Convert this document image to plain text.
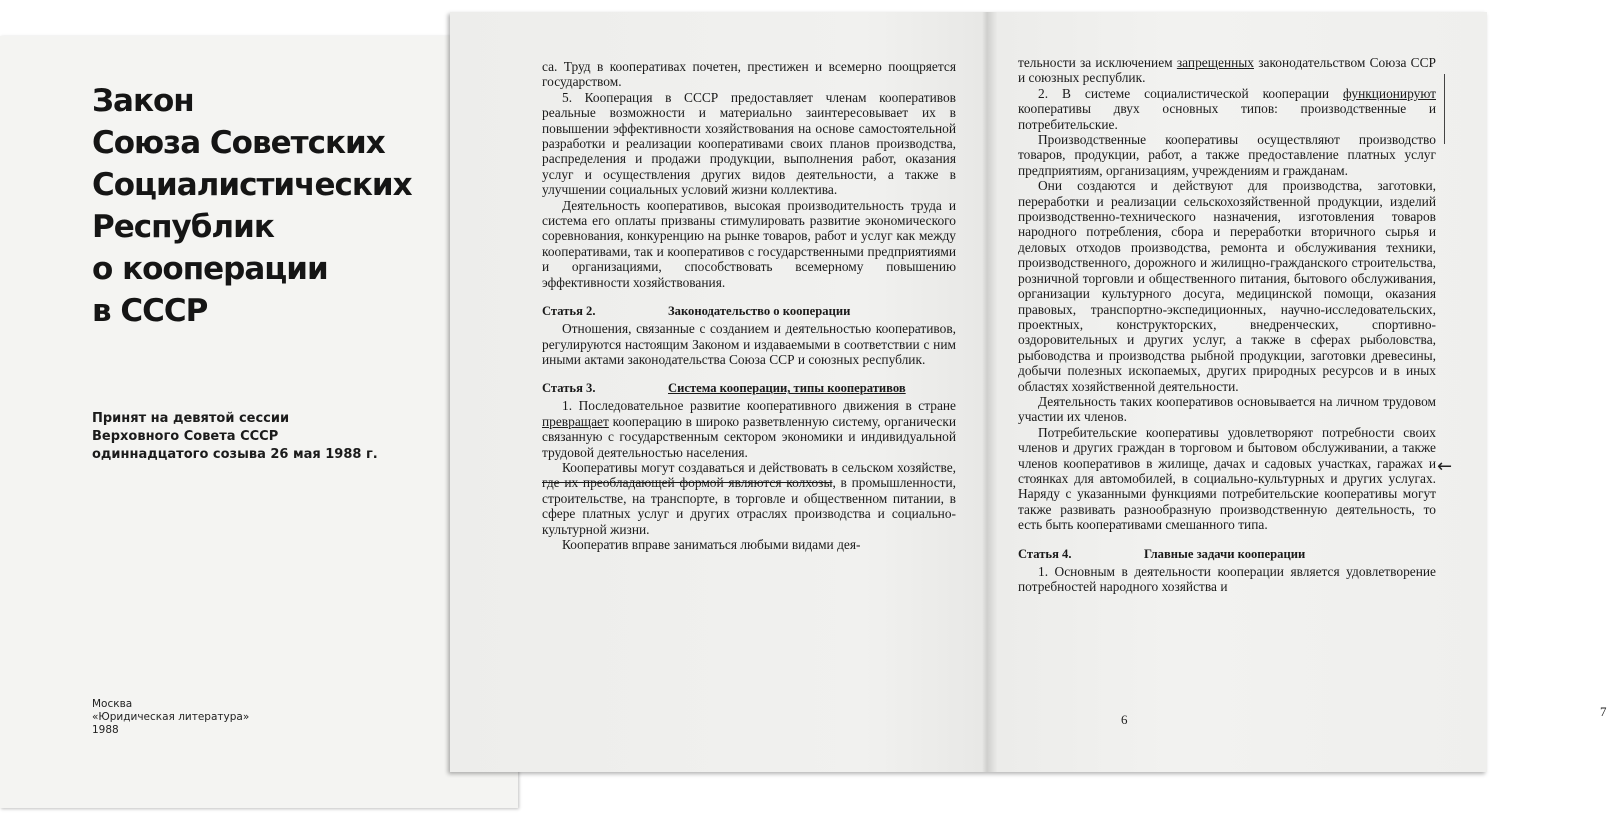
Закон
Союза Советских
Социалистических
Республик
о кооперации
в СССР
Принят на девятой сессии
Верховного Совета СССР
одиннадцатого созыва 26 мая 1988 г.
Москва
«Юридическая литература»
1988

са. Труд в кооперативах почетен, престижен и всемерно поощряется государством.

5. Кооперация в СССР предоставляет членам кооперативов реальные возможности и материально заинтересовывает их в повышении эффективности хозяйствования на основе самостоятельной разработки и реализации кооперативами своих планов производства, распределения и продажи продукции, выполнения работ, оказания услуг и осуществления других видов деятельности, а также в улучшении социальных условий жизни коллектива.

Деятельность кооперативов, высокая производительность труда и система его оплаты призваны стимулировать развитие экономического соревнования, конкуренцию на рынке товаров, работ и услуг как между кооперативами, так и кооперативов с государственными предприятиями и организациями, способствовать всемерному повышению эффективности хозяйствования.

Статья 2.	Законодательство о кооперации

Отношения, связанные с созданием и деятельностью кооперативов, регулируются настоящим Законом и издаваемыми в соответствии с ним иными актами законодательства Союза ССР и союзных республик.

Статья 3.	Система кооперации, типы кооперативов

1. Последовательное развитие кооперативного движения в стране превращает кооперацию в широко разветвленную систему, органически связанную с государственным сектором экономики и индивидуальной трудовой деятельностью населения.

Кооперативы могут создаваться и действовать в сельском хозяйстве, где их преобладающей формой являются колхозы, в промышленности, строительстве, на транспорте, в торговле и общественном питании, в сфере платных услуг и других отраслях производства и социально-культурной жизни.

Кооператив вправе заниматься любыми видами дея-

6

тельности за исключением запрещенных законодательством Союза ССР и союзных республик.

2. В системе социалистической кооперации функционируют кооперативы двух основных типов: производственные и потребительские.

Производственные кооперативы осуществляют производство товаров, продукции, работ, а также предоставление платных услуг предприятиям, организациям, учреждениям и гражданам.

Они создаются и действуют для производства, заготовки, переработки и реализации сельскохозяйственной продукции, изделий производственно-технического назначения, изготовления товаров народного потребления, сбора и переработки вторичного сырья и деловых отходов производства, ремонта и обслуживания техники, производственного, дорожного и жилищно-гражданского строительства, розничной торговли и общественного питания, бытового обслуживания, организации культурного досуга, медицинской помощи, оказания правовых, транспортно-экспедиционных, научно-исследовательских, проектных, конструкторских, внедренческих, спортивно-оздоровительных и других услуг, а также в сферах рыболовства, рыбоводства и производства рыбной продукции, заготовки древесины, добычи полезных ископаемых, других природных ресурсов и в иных областях хозяйственной деятельности.

Деятельность таких кооперативов основывается на личном трудовом участии их членов.

Потребительские кооперативы удовлетворяют потребности своих членов и других граждан в торговом и бытовом обслуживании, а также членов кооперативов в жилище, дачах и садовых участках, гаражах и стоянках для автомобилей, в социально-культурных и других услугах. Наряду с указанными функциями потребительские кооперативы могут также развивать разнообразную производственную деятельность, то есть быть кооперативами смешанного типа.

Статья 4.	Главные задачи кооперации

1. Основным в деятельности кооперации является удовлетворение потребностей народного хозяйства и

7
←
